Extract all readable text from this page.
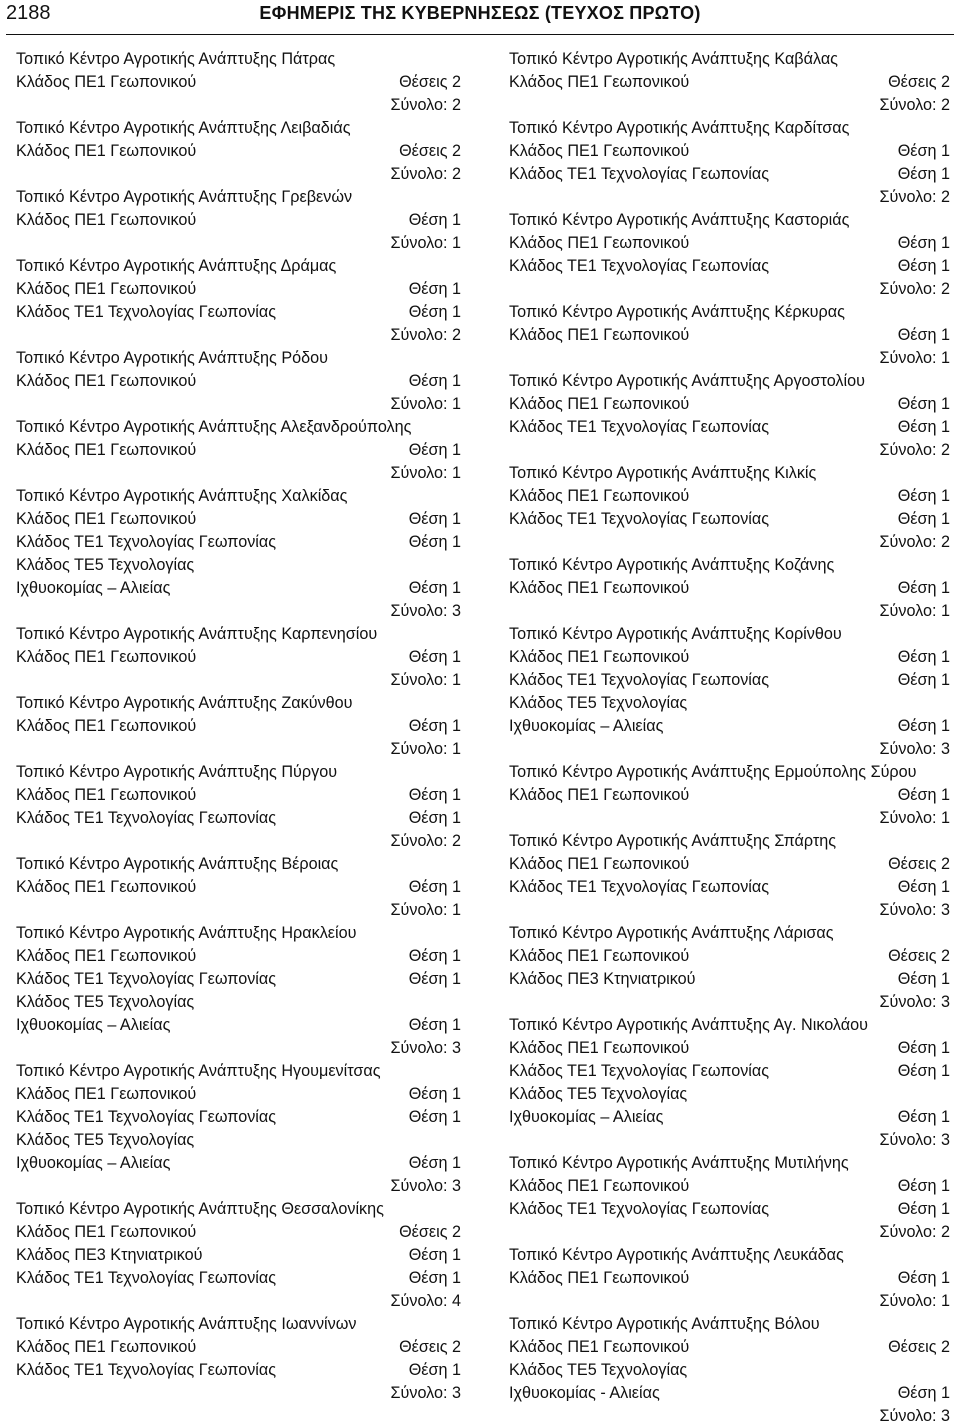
2188	ΕΦΗΜΕΡΙΣ ΤΗΣ ΚΥΒΕΡΝΗΣΕΩΣ (ΤΕΥΧΟΣ ΠΡΩΤΟ)
Τοπικό Κέντρο Αγροτικής Ανάπτυξης Πάτρας
Κλάδος ΠΕ1 Γεωπονικού	Θέσεις 2
Σύνολο: 2
Τοπικό Κέντρο Αγροτικής Ανάπτυξης Λειβαδιάς
Κλάδος ΠΕ1 Γεωπονικού	Θέσεις 2
Σύνολο: 2
Τοπικό Κέντρο Αγροτικής Ανάπτυξης Γρεβενών
Κλάδος ΠΕ1 Γεωπονικού	Θέση 1
Σύνολο: 1
Τοπικό Κέντρο Αγροτικής Ανάπτυξης Δράμας
Κλάδος ΠΕ1 Γεωπονικού	Θέση 1
Κλάδος ΤΕ1 Τεχνολογίας Γεωπονίας	Θέση 1
Σύνολο: 2
Τοπικό Κέντρο Αγροτικής Ανάπτυξης Ρόδου
Κλάδος ΠΕ1 Γεωπονικού	Θέση 1
Σύνολο: 1
Τοπικό Κέντρο Αγροτικής Ανάπτυξης Αλεξανδρούπολης
Κλάδος ΠΕ1 Γεωπονικού	Θέση 1
Σύνολο: 1
Τοπικό Κέντρο Αγροτικής Ανάπτυξης Χαλκίδας
Κλάδος ΠΕ1 Γεωπονικού	Θέση 1
Κλάδος ΤΕ1 Τεχνολογίας Γεωπονίας	Θέση 1
Κλάδος ΤΕ5 Τεχνολογίας
Ιχθυοκομίας – Αλιείας	Θέση 1
Σύνολο: 3
Τοπικό Κέντρο Αγροτικής Ανάπτυξης Καρπενησίου
Κλάδος ΠΕ1 Γεωπονικού	Θέση 1
Σύνολο: 1
Τοπικό Κέντρο Αγροτικής Ανάπτυξης Ζακύνθου
Κλάδος ΠΕ1 Γεωπονικού	Θέση 1
Σύνολο: 1
Τοπικό Κέντρο Αγροτικής Ανάπτυξης Πύργου
Κλάδος ΠΕ1 Γεωπονικού	Θέση 1
Κλάδος ΤΕ1 Τεχνολογίας Γεωπονίας	Θέση 1
Σύνολο: 2
Τοπικό Κέντρο Αγροτικής Ανάπτυξης Βέροιας
Κλάδος ΠΕ1 Γεωπονικού	Θέση 1
Σύνολο: 1
Τοπικό Κέντρο Αγροτικής Ανάπτυξης Ηρακλείου
Κλάδος ΠΕ1 Γεωπονικού	Θέση 1
Κλάδος ΤΕ1 Τεχνολογίας Γεωπονίας	Θέση 1
Κλάδος ΤΕ5 Τεχνολογίας
Ιχθυοκομίας – Αλιείας	Θέση 1
Σύνολο: 3
Τοπικό Κέντρο Αγροτικής Ανάπτυξης Ηγουμενίτσας
Κλάδος ΠΕ1 Γεωπονικού	Θέση 1
Κλάδος ΤΕ1 Τεχνολογίας Γεωπονίας	Θέση 1
Κλάδος ΤΕ5 Τεχνολογίας
Ιχθυοκομίας – Αλιείας	Θέση 1
Σύνολο: 3
Τοπικό Κέντρο Αγροτικής Ανάπτυξης Θεσσαλονίκης
Κλάδος ΠΕ1 Γεωπονικού	Θέσεις 2
Κλάδος ΠΕ3 Κτηνιατρικού	Θέση 1
Κλάδος ΤΕ1 Τεχνολογίας Γεωπονίας	Θέση 1
Σύνολο: 4
Τοπικό Κέντρο Αγροτικής Ανάπτυξης Ιωαννίνων
Κλάδος ΠΕ1 Γεωπονικού	Θέσεις 2
Κλάδος ΤΕ1 Τεχνολογίας Γεωπονίας	Θέση 1
Σύνολο: 3
Τοπικό Κέντρο Αγροτικής Ανάπτυξης Καβάλας
Κλάδος ΠΕ1 Γεωπονικού	Θέσεις 2
Σύνολο: 2
Τοπικό Κέντρο Αγροτικής Ανάπτυξης Καρδίτσας
Κλάδος ΠΕ1 Γεωπονικού	Θέση 1
Κλάδος ΤΕ1 Τεχνολογίας Γεωπονίας	Θέση 1
Σύνολο: 2
Τοπικό Κέντρο Αγροτικής Ανάπτυξης Καστοριάς
Κλάδος ΠΕ1 Γεωπονικού	Θέση 1
Κλάδος ΤΕ1 Τεχνολογίας Γεωπονίας	Θέση 1
Σύνολο: 2
Τοπικό Κέντρο Αγροτικής Ανάπτυξης Κέρκυρας
Κλάδος ΠΕ1 Γεωπονικού	Θέση 1
Σύνολο: 1
Τοπικό Κέντρο Αγροτικής Ανάπτυξης Αργοστολίου
Κλάδος ΠΕ1 Γεωπονικού	Θέση 1
Κλάδος ΤΕ1 Τεχνολογίας Γεωπονίας	Θέση 1
Σύνολο: 2
Τοπικό Κέντρο Αγροτικής Ανάπτυξης Κιλκίς
Κλάδος ΠΕ1 Γεωπονικού	Θέση 1
Κλάδος ΤΕ1 Τεχνολογίας Γεωπονίας	Θέση 1
Σύνολο: 2
Τοπικό Κέντρο Αγροτικής Ανάπτυξης Κοζάνης
Κλάδος ΠΕ1 Γεωπονικού	Θέση 1
Σύνολο: 1
Τοπικό Κέντρο Αγροτικής Ανάπτυξης Κορίνθου
Κλάδος ΠΕ1 Γεωπονικού	Θέση 1
Κλάδος ΤΕ1 Τεχνολογίας Γεωπονίας	Θέση 1
Κλάδος ΤΕ5 Τεχνολογίας
Ιχθυοκομίας – Αλιείας	Θέση 1
Σύνολο: 3
Τοπικό Κέντρο Αγροτικής Ανάπτυξης Ερμούπολης Σύρου
Κλάδος ΠΕ1 Γεωπονικού	Θέση 1
Σύνολο: 1
Τοπικό Κέντρο Αγροτικής Ανάπτυξης Σπάρτης
Κλάδος ΠΕ1 Γεωπονικού	Θέσεις 2
Κλάδος ΤΕ1 Τεχνολογίας Γεωπονίας	Θέση 1
Σύνολο: 3
Τοπικό Κέντρο Αγροτικής Ανάπτυξης Λάρισας
Κλάδος ΠΕ1 Γεωπονικού	Θέσεις 2
Κλάδος ΠΕ3 Κτηνιατρικού	Θέση 1
Σύνολο: 3
Τοπικό Κέντρο Αγροτικής Ανάπτυξης Αγ. Νικολάου
Κλάδος ΠΕ1 Γεωπονικού	Θέση 1
Κλάδος ΤΕ1 Τεχνολογίας Γεωπονίας	Θέση 1
Κλάδος ΤΕ5 Τεχνολογίας
Ιχθυοκομίας – Αλιείας	Θέση 1
Σύνολο: 3
Τοπικό Κέντρο Αγροτικής Ανάπτυξης Μυτιλήνης
Κλάδος ΠΕ1 Γεωπονικού	Θέση 1
Κλάδος ΤΕ1 Τεχνολογίας Γεωπονίας	Θέση 1
Σύνολο: 2
Τοπικό Κέντρο Αγροτικής Ανάπτυξης Λευκάδας
Κλάδος ΠΕ1 Γεωπονικού	Θέση 1
Σύνολο: 1
Τοπικό Κέντρο Αγροτικής Ανάπτυξης Βόλου
Κλάδος ΠΕ1 Γεωπονικού	Θέσεις 2
Κλάδος ΤΕ5 Τεχνολογίας
Ιχθυοκομίας - Αλιείας	Θέση 1
Σύνολο: 3
